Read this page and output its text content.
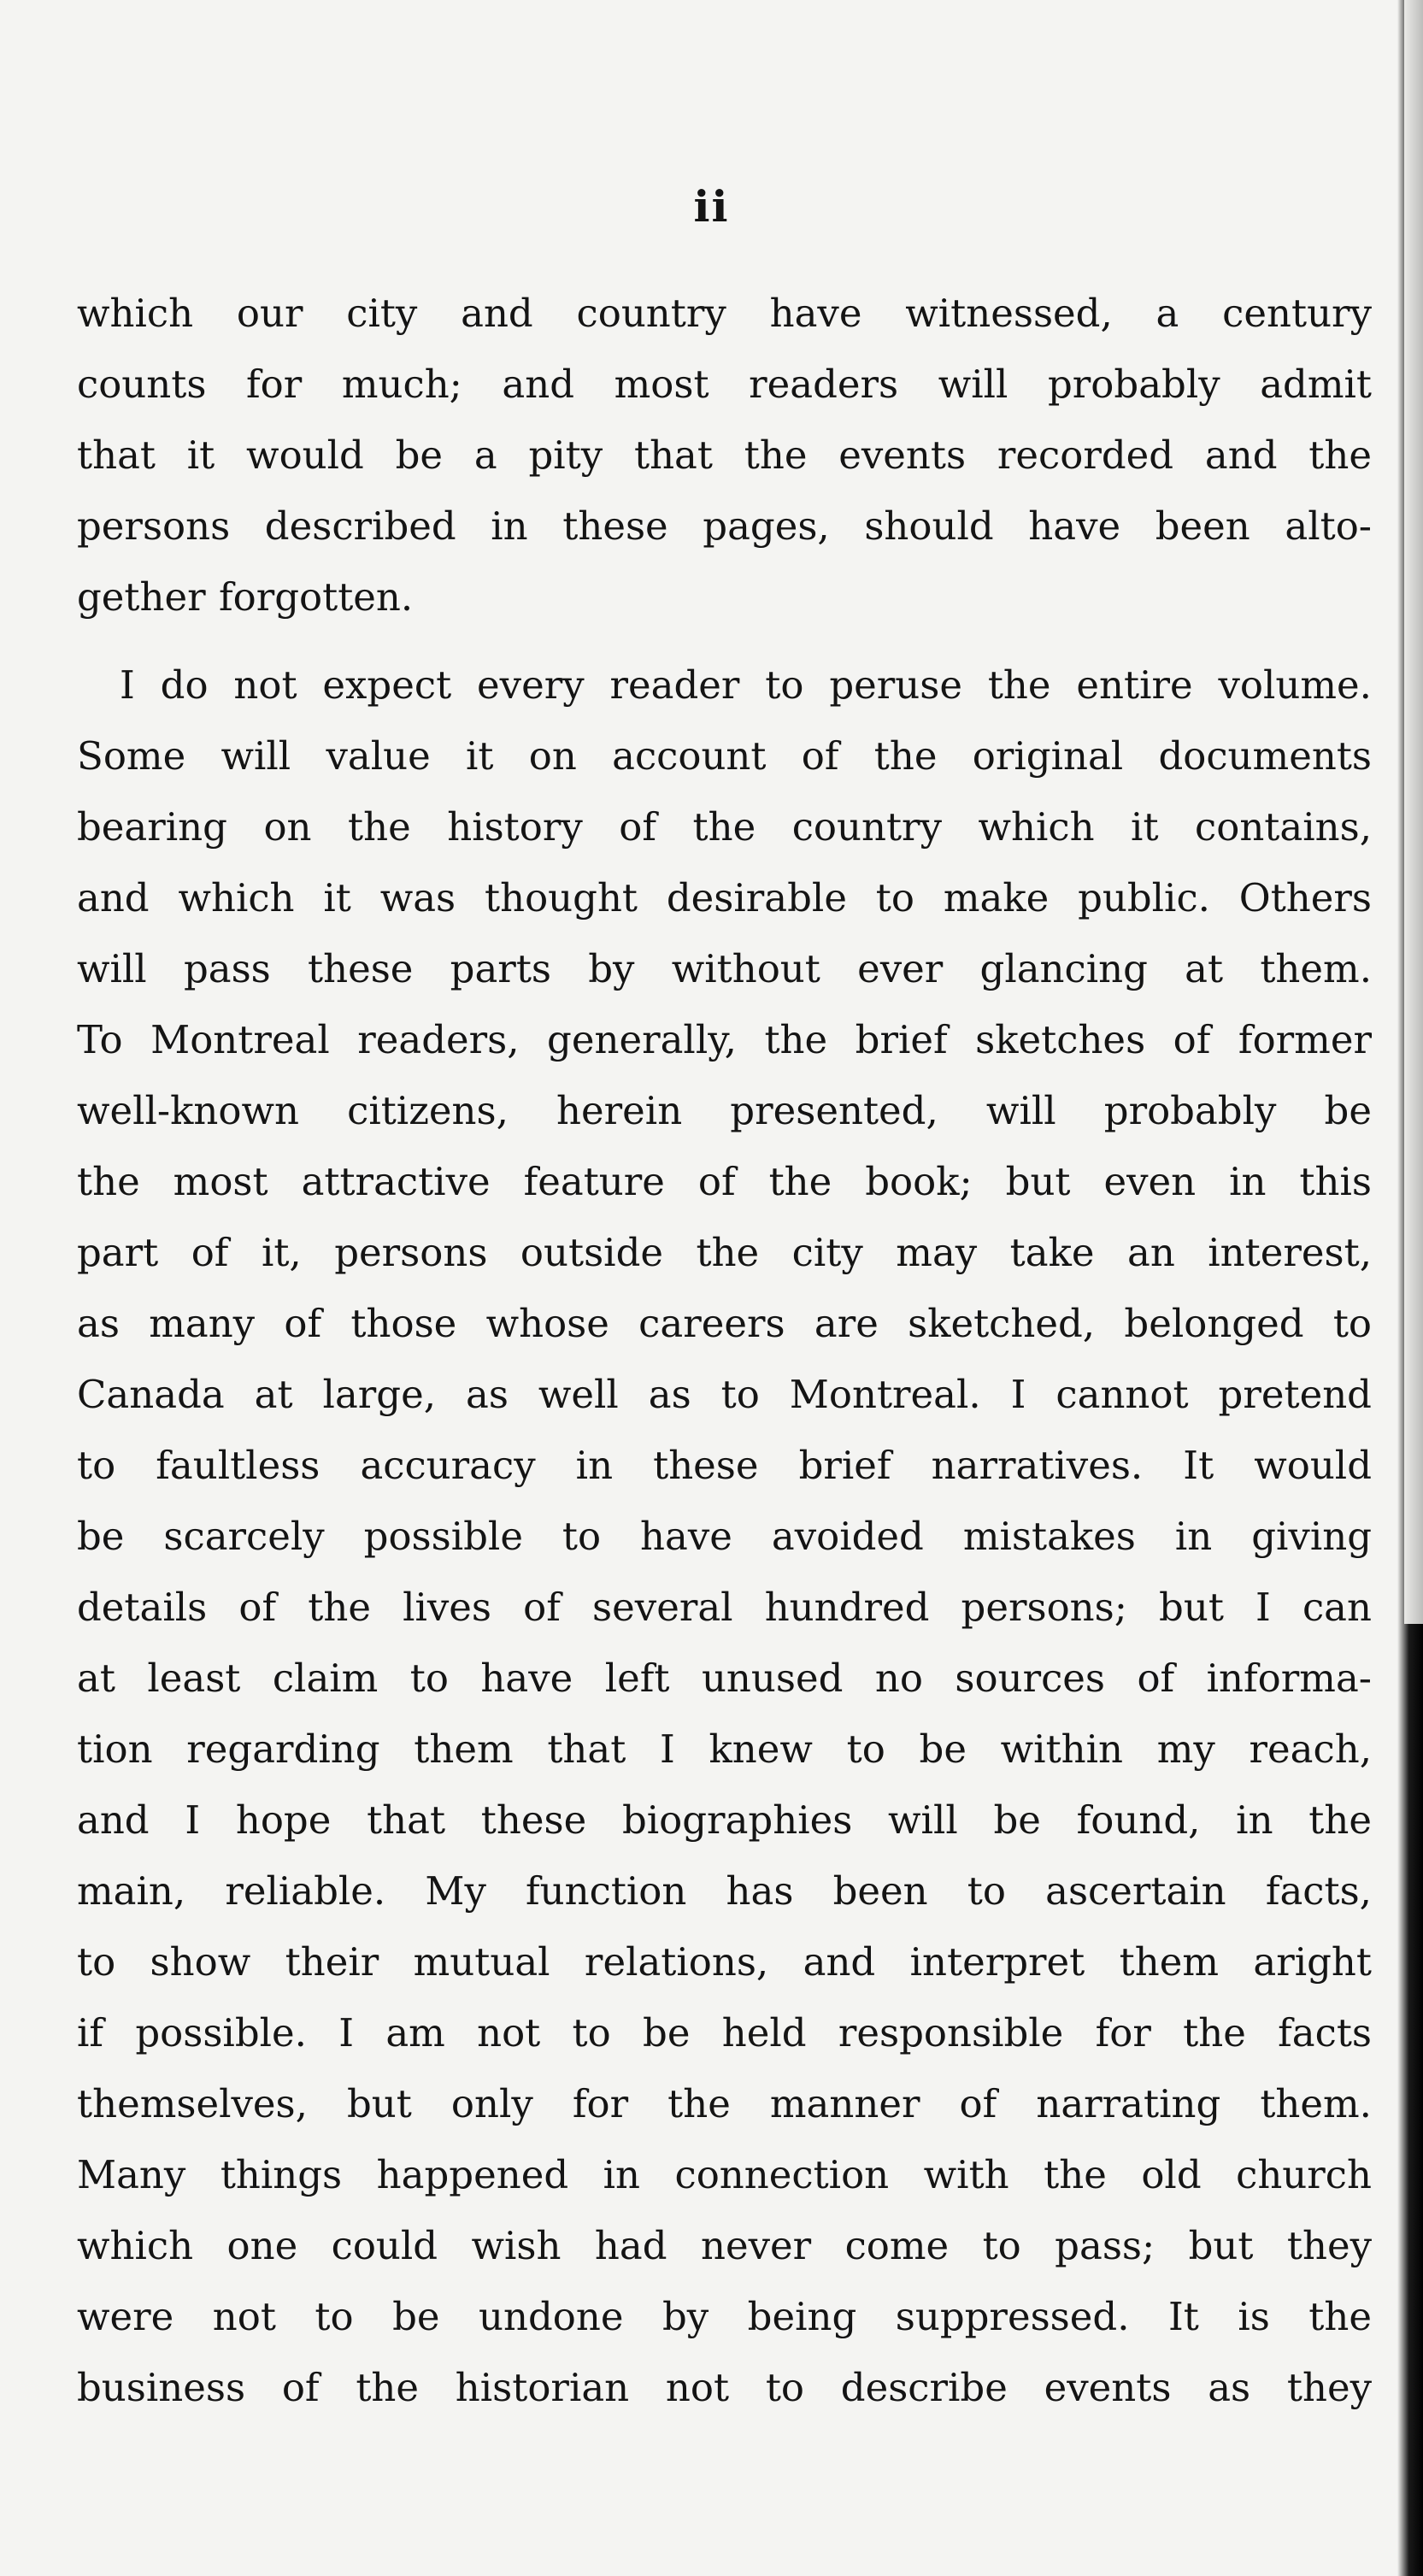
ii
which our city and country have witnessed, a century
counts for much; and most readers will probably admit
that it would be a pity that the events recorded and the
persons described in these pages, should have been alto-
gether forgotten.
I do not expect every reader to peruse the entire volume.
Some will value it on account of the original documents
bearing on the history of the country which it contains,
and which it was thought desirable to make public. Others
will pass these parts by without ever glancing at them.
To Montreal readers, generally, the brief sketches of former
well-known citizens, herein presented, will probably be
the most attractive feature of the book; but even in this
part of it, persons outside the city may take an interest,
as many of those whose careers are sketched, belonged to
Canada at large, as well as to Montreal. I cannot pretend
to faultless accuracy in these brief narratives. It would
be scarcely possible to have avoided mistakes in giving
details of the lives of several hundred persons; but I can
at least claim to have left unused no sources of informa-
tion regarding them that I knew to be within my reach,
and I hope that these biographies will be found, in the
main, reliable. My function has been to ascertain facts,
to show their mutual relations, and interpret them aright
if possible. I am not to be held responsible for the facts
themselves, but only for the manner of narrating them.
Many things happened in connection with the old church
which one could wish had never come to pass; but they
were not to be undone by being suppressed. It is the
business of the historian not to describe events as they
